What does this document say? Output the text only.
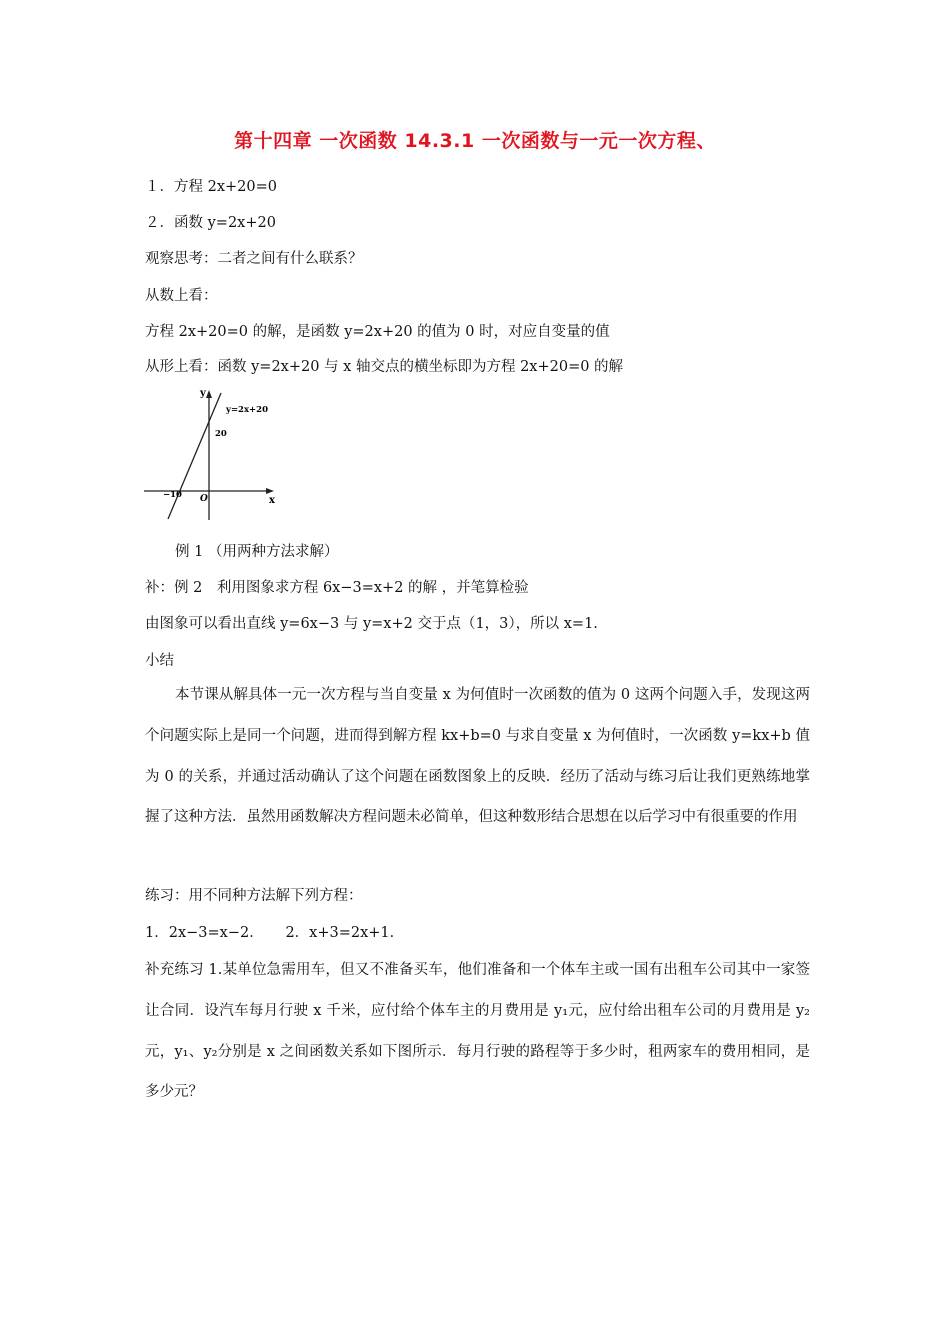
第十四章 一次函数 14.3.1 一次函数与一元一次方程、
１．方程 2x+20=0
２．函数 y=2x+20
观察思考：二者之间有什么联系？
从数上看：
方程 2x+20=0 的解，是函数 y=2x+20 的值为 0 时，对应自变量的值
从形上看：函数 y=2x+20 与 x 轴交点的横坐标即为方程 2x+20=0 的解
y
x
y=2x+20
20
−10 O
例 1 （用两种方法求解）
补：例 2　利用图象求方程 6x−3=x+2 的解 ，并笔算检验
由图象可以看出直线 y=6x−3 与 y=x+2 交于点（1，3），所以 x=1.
小结
本节课从解具体一元一次方程与当自变量 x 为何值时一次函数的值为 0 这两个问题入手，发现这两个问题实际上是同一个问题，进而得到解方程 kx+b=0 与求自变量 x 为何值时，一次函数 y=kx+b 值为 0 的关系，并通过活动确认了这个问题在函数图象上的反映．经历了活动与练习后让我们更熟练地掌握了这种方法．虽然用函数解决方程问题未必简单，但这种数形结合思想在以后学习中有很重要的作用
练习：用不同种方法解下列方程：
1．2x−3=x−2．　　2．x+3=2x+1．
补充练习 1.某单位急需用车，但又不准备买车，他们准备和一个体车主或一国有出租车公司其中一家签让合同．设汽车每月行驶 x 千米，应付给个体车主的月费用是 y₁元，应付给出租车公司的月费用是 y₂元，y₁、y₂分别是 x 之间函数关系如下图所示．每月行驶的路程等于多少时，租两家车的费用相同，是多少元？
